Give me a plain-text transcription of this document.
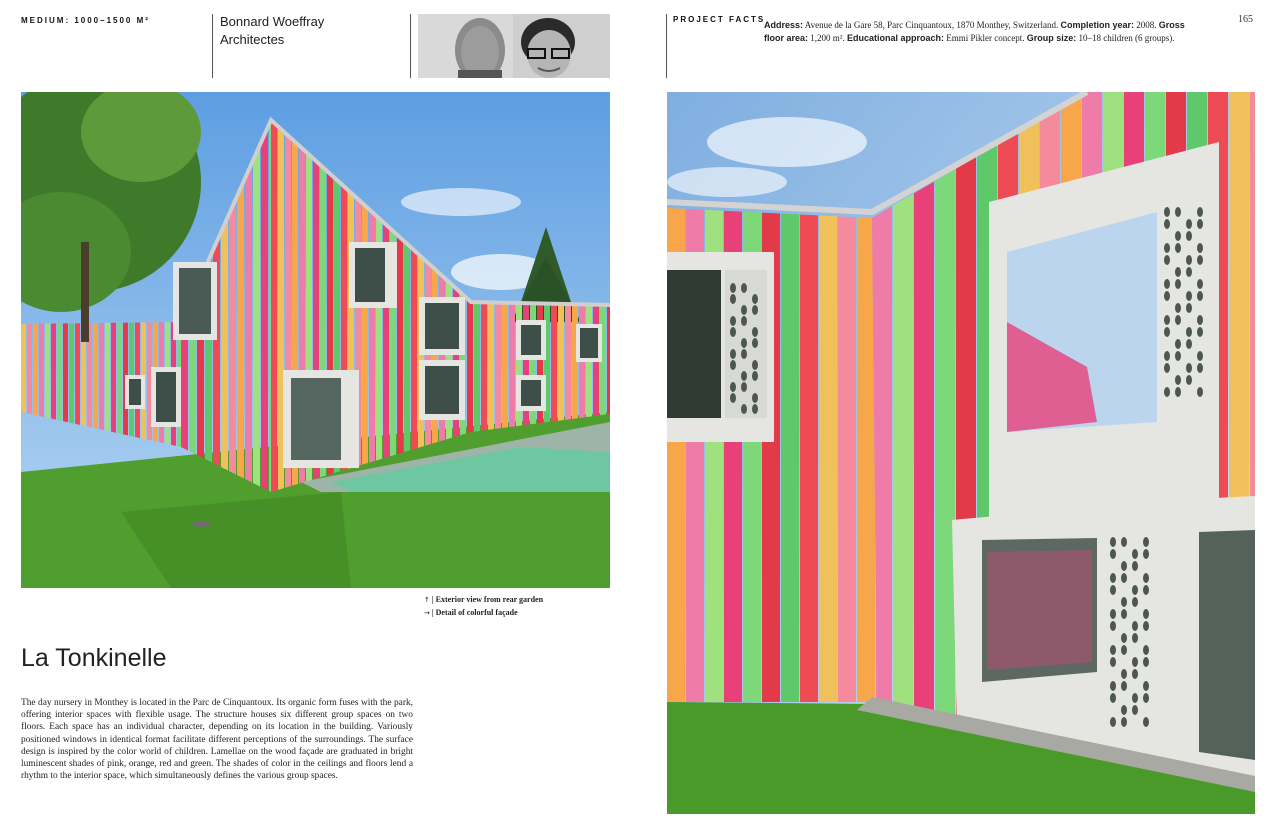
MEDIUM: 1000–1500 M²	Bonnard Woeffray
Architectes
PROJECT FACTS
Address: Avenue de la Gare 58, Parc Cinquantoux, 1870 Monthey, Switzerland. Completion year: 2008. Gross floor area: 1,200 m². Educational approach: Emmi Pikler concept. Group size: 10–18 children (6 groups).
165
↑ | Exterior view from rear garden
→ | Detail of colorful façade
La Tonkinelle
The day nursery in Monthey is located in the Parc de Cinquantoux. Its organic form fuses with the park, offering interior spaces with flexible usage. The structure houses six different group spaces on two floors. Each space has an individual character, depending on its location in the building. Variously positioned windows in identical format facilitate different perceptions of the surroundings. The surface design is inspired by the color world of children. Lamellae on the wood façade are graduated in bright luminescent shades of pink, orange, red and green. The shades of color in the ceilings and floors lend a rhythm to the interior space, which simultaneously defines the various group spaces.
